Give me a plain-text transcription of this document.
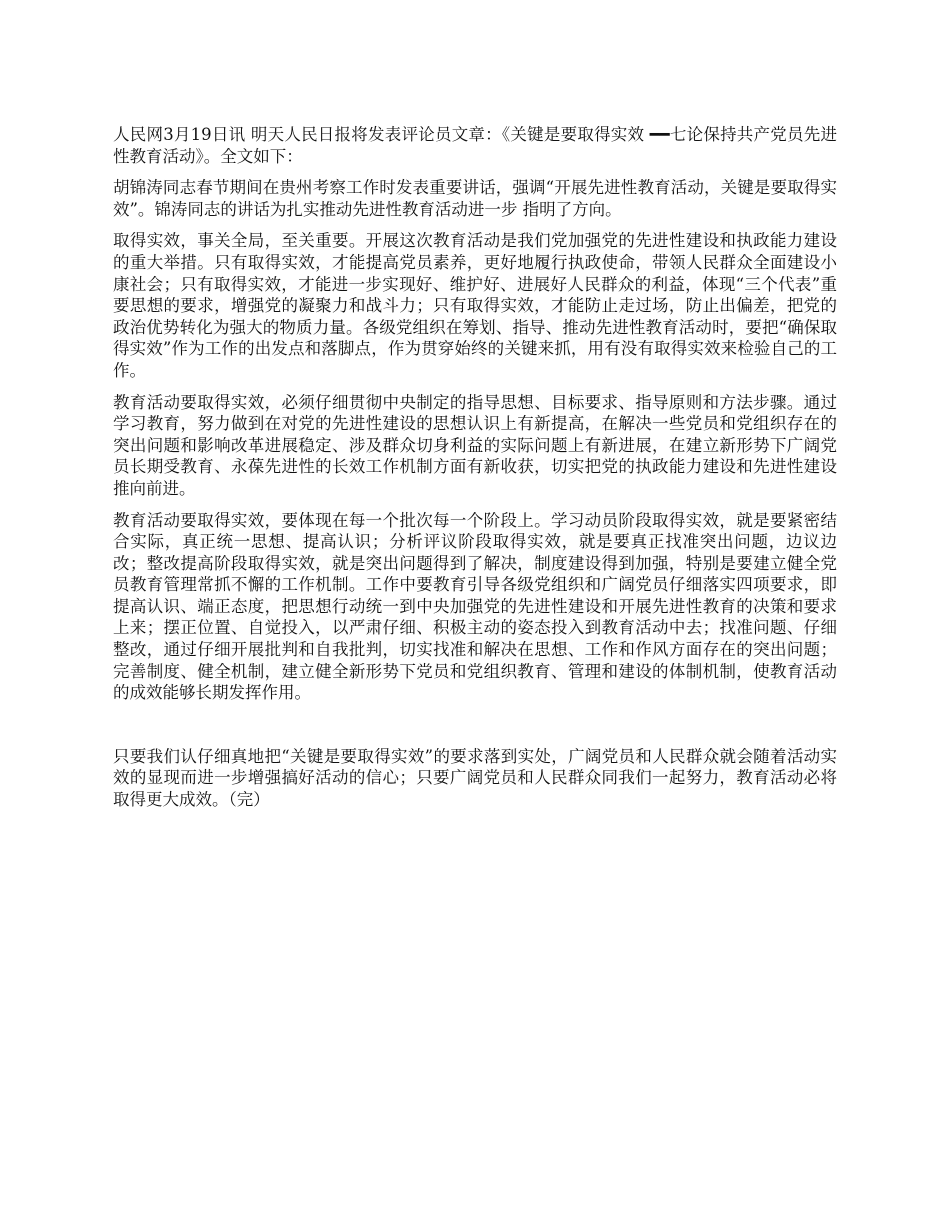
人民网3月19日讯 明天人民日报将发表评论员文章：《关键是要取得实效 ━━七论保持共产党员先进性教育活动》。全文如下：

胡锦涛同志春节期间在贵州考察工作时发表重要讲话，强调“开展先进性教育活动，关键是要取得实效”。锦涛同志的讲话为扎实推动先进性教育活动进一步 指明了方向。

取得实效，事关全局，至关重要。开展这次教育活动是我们党加强党的先进性建设和执政能力建设的重大举措。只有取得实效，才能提高党员素养，更好地履行执政使命，带领人民群众全面建设小康社会；只有取得实效，才能进一步实现好、维护好、进展好人民群众的利益，体现“三个代表”重要思想的要求，增强党的凝聚力和战斗力；只有取得实效，才能防止走过场，防止出偏差，把党的政治优势转化为强大的物质力量。各级党组织在筹划、指导、推动先进性教育活动时，要把“确保取得实效”作为工作的出发点和落脚点，作为贯穿始终的关键来抓，用有没有取得实效来检验自己的工作。

教育活动要取得实效，必须仔细贯彻中央制定的指导思想、目标要求、指导原则和方法步骤。通过学习教育，努力做到在对党的先进性建设的思想认识上有新提高，在解决一些党员和党组织存在的突出问题和影响改革进展稳定、涉及群众切身利益的实际问题上有新进展，在建立新形势下广阔党员长期受教育、永葆先进性的长效工作机制方面有新收获，切实把党的执政能力建设和先进性建设推向前进。

教育活动要取得实效，要体现在每一个批次每一个阶段上。学习动员阶段取得实效，就是要紧密结合实际，真正统一思想、提高认识；分析评议阶段取得实效，就是要真正找准突出问题，边议边改；整改提高阶段取得实效，就是突出问题得到了解决，制度建设得到加强，特别是要建立健全党员教育管理常抓不懈的工作机制。工作中要教育引导各级党组织和广阔党员仔细落实四项要求，即提高认识、端正态度，把思想行动统一到中央加强党的先进性建设和开展先进性教育的决策和要求上来；摆正位置、自觉投入，以严肃仔细、积极主动的姿态投入到教育活动中去；找准问题、仔细整改，通过仔细开展批判和自我批判，切实找准和解决在思想、工作和作风方面存在的突出问题；完善制度、健全机制，建立健全新形势下党员和党组织教育、管理和建设的体制机制，使教育活动的成效能够长期发挥作用。

只要我们认仔细真地把“关键是要取得实效”的要求落到实处，广阔党员和人民群众就会随着活动实效的显现而进一步增强搞好活动的信心；只要广阔党员和人民群众同我们一起努力，教育活动必将取得更大成效。（完）
